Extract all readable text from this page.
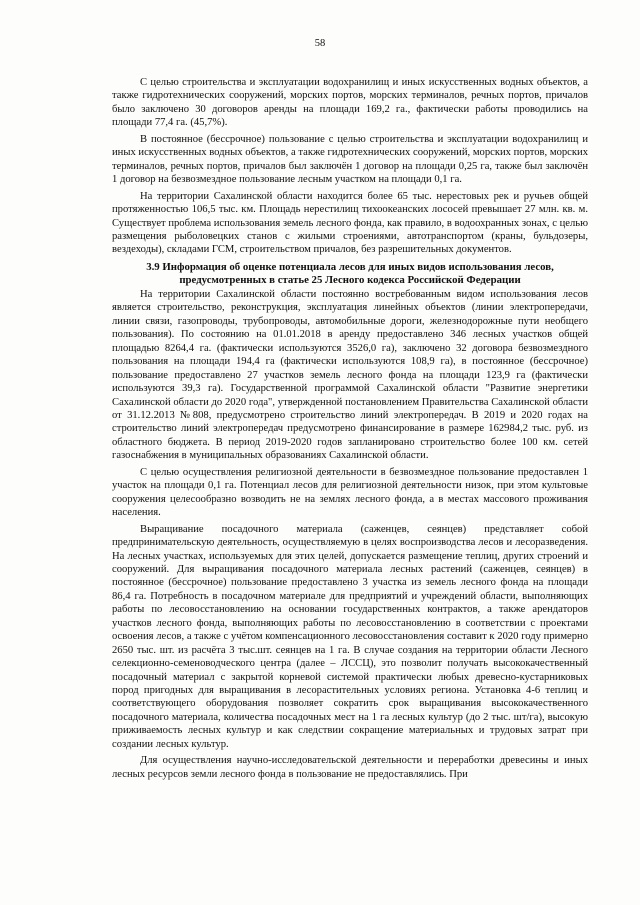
58

С целью строительства и эксплуатации водохранилищ и иных искусственных водных объектов, а также гидротехнических сооружений, морских портов, морских терминалов, речных портов, причалов было заключено 30 договоров аренды на площади 169,2 га., фактически работы проводились на площади 77,4 га. (45,7%).

В постоянное (бессрочное) пользование с целью строительства и эксплуатации водохранилищ и иных искусственных водных объектов, а также гидротехнических сооружений, морских портов, морских терминалов, речных портов, причалов был заключён 1 договор на площади 0,25 га, также был заключён 1 договор на безвозмездное пользование лесным участком на площади 0,1 га.

На территории Сахалинской области находится более 65 тыс. нерестовых рек и ручьев общей протяженностью 106,5 тыс. км. Площадь нерестилищ тихоокеанских лососей превышает 27 млн. кв. м. Существует проблема использования земель лесного фонда, как правило, в водоохранных зонах, с целью размещения рыболовецких станов с жилыми строениями, автотранспортом (краны, бульдозеры, вездеходы), складами ГСМ, строительством причалов, без разрешительных документов.

3.9 Информация об оценке потенциала лесов для иных видов использования лесов,
предусмотренных в статье 25 Лесного кодекса Российской Федерации

На территории Сахалинской области постоянно востребованным видом использования лесов является строительство, реконструкция, эксплуатация линейных объектов (линии электропередачи, линии связи, газопроводы, трубопроводы, автомобильные дороги, железнодорожные пути необщего пользования). По состоянию на 01.01.2018 в аренду предоставлено 346 лесных участков общей площадью 8264,4 га. (фактически используются 3526,0 га), заключено 32 договора безвозмездного пользования на площади 194,4 га (фактически используются 108,9 га), в постоянное (бессрочное) пользование предоставлено 27 участков земель лесного фонда на площади 123,9 га (фактически используются 39,3 га). Государственной программой Сахалинской области "Развитие энергетики Сахалинской области до 2020 года", утвержденной постановлением Правительства Сахалинской области от 31.12.2013 №808, предусмотрено строительство линий электропередач. В 2019 и 2020 годах на строительство линий электропередач предусмотрено финансирование в размере 162984,2 тыс. руб. из областного бюджета. В период 2019-2020 годов запланировано строительство более 100 км. сетей газоснабжения в муниципальных образованиях Сахалинской области.

С целью осуществления религиозной деятельности в безвозмездное пользование предоставлен 1 участок на площади 0,1 га. Потенциал лесов для религиозной деятельности низок, при этом культовые сооружения целесообразно возводить не на землях лесного фонда, а в местах массового проживания населения.

Выращивание посадочного материала (саженцев, сеянцев) представляет собой предпринимательскую деятельность, осуществляемую в целях воспроизводства лесов и лесоразведения. На лесных участках, используемых для этих целей, допускается размещение теплиц, других строений и сооружений. Для выращивания посадочного материала лесных растений (саженцев, сеянцев) в постоянное (бессрочное) пользование предоставлено 3 участка из земель лесного фонда на площади 86,4 га. Потребность в посадочном материале для предприятий и учреждений области, выполняющих работы по лесовосстановлению на основании государственных контрактов, а также арендаторов участков лесного фонда, выполняющих работы по лесовосстановлению в соответствии с проектами освоения лесов, а также с учётом компенсационного лесовосстановления составит к 2020 году примерно 2650 тыс. шт. из расчёта 3 тыс.шт. сеянцев на 1 га. В случае создания на территории области Лесного селекционно-семеноводческого центра (далее – ЛССЦ), это позволит получать высококачественный посадочный материал с закрытой корневой системой практически любых древесно-кустарниковых пород пригодных для выращивания в лесорастительных условиях региона. Установка 4-6 теплиц и соответствующего оборудования позволяет сократить срок выращивания высококачественного посадочного материала, количества посадочных мест на 1 га лесных культур (до 2 тыс. шт/га), высокую приживаемость лесных культур и как следствии сокращение материальных и трудовых затрат при создании лесных культур.

Для осуществления научно-исследовательской деятельности и переработки древесины и иных лесных ресурсов земли лесного фонда в пользование не предоставлялись. При
